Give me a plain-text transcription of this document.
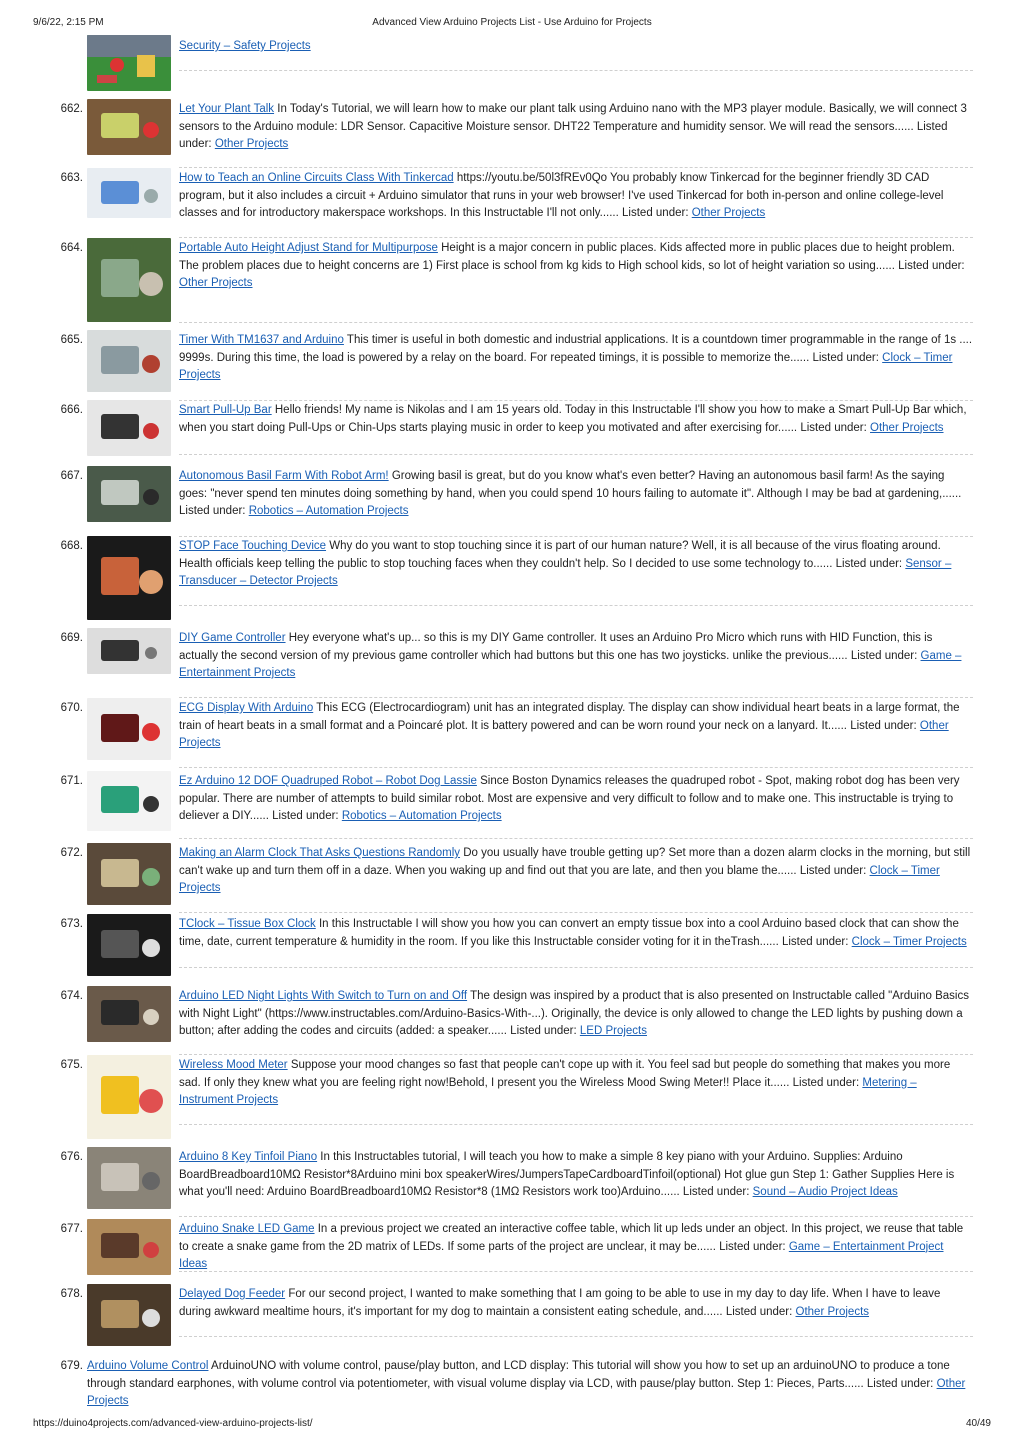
9/6/22, 2:15 PM	Advanced View Arduino Projects List - Use Arduino for Projects
Security – Safety Projects
662.	Let Your Plant Talk In Today's Tutorial, we will learn how to make our plant talk using Arduino nano with the MP3 player module. Basically, we will connect 3 sensors to the Arduino module: LDR Sensor. Capacitive Moisture sensor. DHT22 Temperature and humidity sensor. We will read the sensors...... Listed under: Other Projects
663.	How to Teach an Online Circuits Class With Tinkercad https://youtu.be/50l3fREv0Qo You probably know Tinkercad for the beginner friendly 3D CAD program, but it also includes a circuit + Arduino simulator that runs in your web browser! I've used Tinkercad for both in-person and online college-level classes and for introductory makerspace workshops. In this Instructable I'll not only...... Listed under: Other Projects
664.	Portable Auto Height Adjust Stand for Multipurpose Height is a major concern in public places. Kids affected more in public places due to height problem. The problem places due to height concerns are 1) First place is school from kg kids to High school kids, so lot of height variation so using...... Listed under: Other Projects
665.	Timer With TM1637 and Arduino This timer is useful in both domestic and industrial applications. It is a countdown timer programmable in the range of 1s .... 9999s. During this time, the load is powered by a relay on the board. For repeated timings, it is possible to memorize the...... Listed under: Clock – Timer Projects
666.	Smart Pull-Up Bar Hello friends! My name is Nikolas and I am 15 years old. Today in this Instructable I'll show you how to make a Smart Pull-Up Bar which, when you start doing Pull-Ups or Chin-Ups starts playing music in order to keep you motivated and after exercising for...... Listed under: Other Projects
667.	Autonomous Basil Farm With Robot Arm! Growing basil is great, but do you know what's even better? Having an autonomous basil farm! As the saying goes: "never spend ten minutes doing something by hand, when you could spend 10 hours failing to automate it". Although I may be bad at gardening,...... Listed under: Robotics – Automation Projects
668.	STOP Face Touching Device Why do you want to stop touching since it is part of our human nature? Well, it is all because of the virus floating around. Health officials keep telling the public to stop touching faces when they couldn't help. So I decided to use some technology to...... Listed under: Sensor – Transducer – Detector Projects
669.	DIY Game Controller Hey everyone what's up... so this is my DIY Game controller. It uses an Arduino Pro Micro which runs with HID Function, this is actually the second version of my previous game controller which had buttons but this one has two joysticks. unlike the previous...... Listed under: Game – Entertainment Projects
670.	ECG Display With Arduino This ECG (Electrocardiogram) unit has an integrated display. The display can show individual heart beats in a large format, the train of heart beats in a small format and a Poincaré plot. It is battery powered and can be worn round your neck on a lanyard. It...... Listed under: Other Projects
671.	Ez Arduino 12 DOF Quadruped Robot – Robot Dog Lassie Since Boston Dynamics releases the quadruped robot - Spot, making robot dog has been very popular. There are number of attempts to build similar robot. Most are expensive and very difficult to follow and to make one. This instructable is trying to deliever a DIY...... Listed under: Robotics – Automation Projects
672.	Making an Alarm Clock That Asks Questions Randomly Do you usually have trouble getting up? Set more than a dozen alarm clocks in the morning, but still can't wake up and turn them off in a daze. When you waking up and find out that you are late, and then you blame the...... Listed under: Clock – Timer Projects
673.	TClock – Tissue Box Clock In this Instructable I will show you how you can convert an empty tissue box into a cool Arduino based clock that can show the time, date, current temperature & humidity in the room. If you like this Instructable consider voting for it in theTrash...... Listed under: Clock – Timer Projects
674.	Arduino LED Night Lights With Switch to Turn on and Off The design was inspired by a product that is also presented on Instructable called "Arduino Basics with Night Light" (https://www.instructables.com/Arduino-Basics-With-...). Originally, the device is only allowed to change the LED lights by pushing down a button; after adding the codes and circuits (added: a speaker...... Listed under: LED Projects
675.	Wireless Mood Meter Suppose your mood changes so fast that people can't cope up with it. You feel sad but people do something that makes you more sad. If only they knew what you are feeling right now!Behold, I present you the Wireless Mood Swing Meter!! Place it...... Listed under: Metering – Instrument Projects
676.	Arduino 8 Key Tinfoil Piano In this Instructables tutorial, I will teach you how to make a simple 8 key piano with your Arduino. Supplies: Arduino BoardBreadboard10MΩ Resistor*8Arduino mini box speakerWires/JumpersTapeCardboardTinfoil(optional) Hot glue gun Step 1: Gather Supplies Here is what you'll need: Arduino BoardBreadboard10MΩ Resistor*8 (1MΩ Resistors work too)Arduino...... Listed under: Sound – Audio Project Ideas
677.	Arduino Snake LED Game In a previous project we created an interactive coffee table, which lit up leds under an object. In this project, we reuse that table to create a snake game from the 2D matrix of LEDs. If some parts of the project are unclear, it may be...... Listed under: Game – Entertainment Project Ideas
678.	Delayed Dog Feeder For our second project, I wanted to make something that I am going to be able to use in my day to day life. When I have to leave during awkward mealtime hours, it's important for my dog to maintain a consistent eating schedule, and...... Listed under: Other Projects
679. Arduino Volume Control ArduinoUNO with volume control, pause/play button, and LCD display: This tutorial will show you how to set up an arduinoUNO to produce a tone through standard earphones, with volume control via potentiometer, with visual volume display via LCD, with pause/play button. Step 1: Pieces, Parts...... Listed under: Other Projects
https://duino4projects.com/advanced-view-arduino-projects-list/	40/49
